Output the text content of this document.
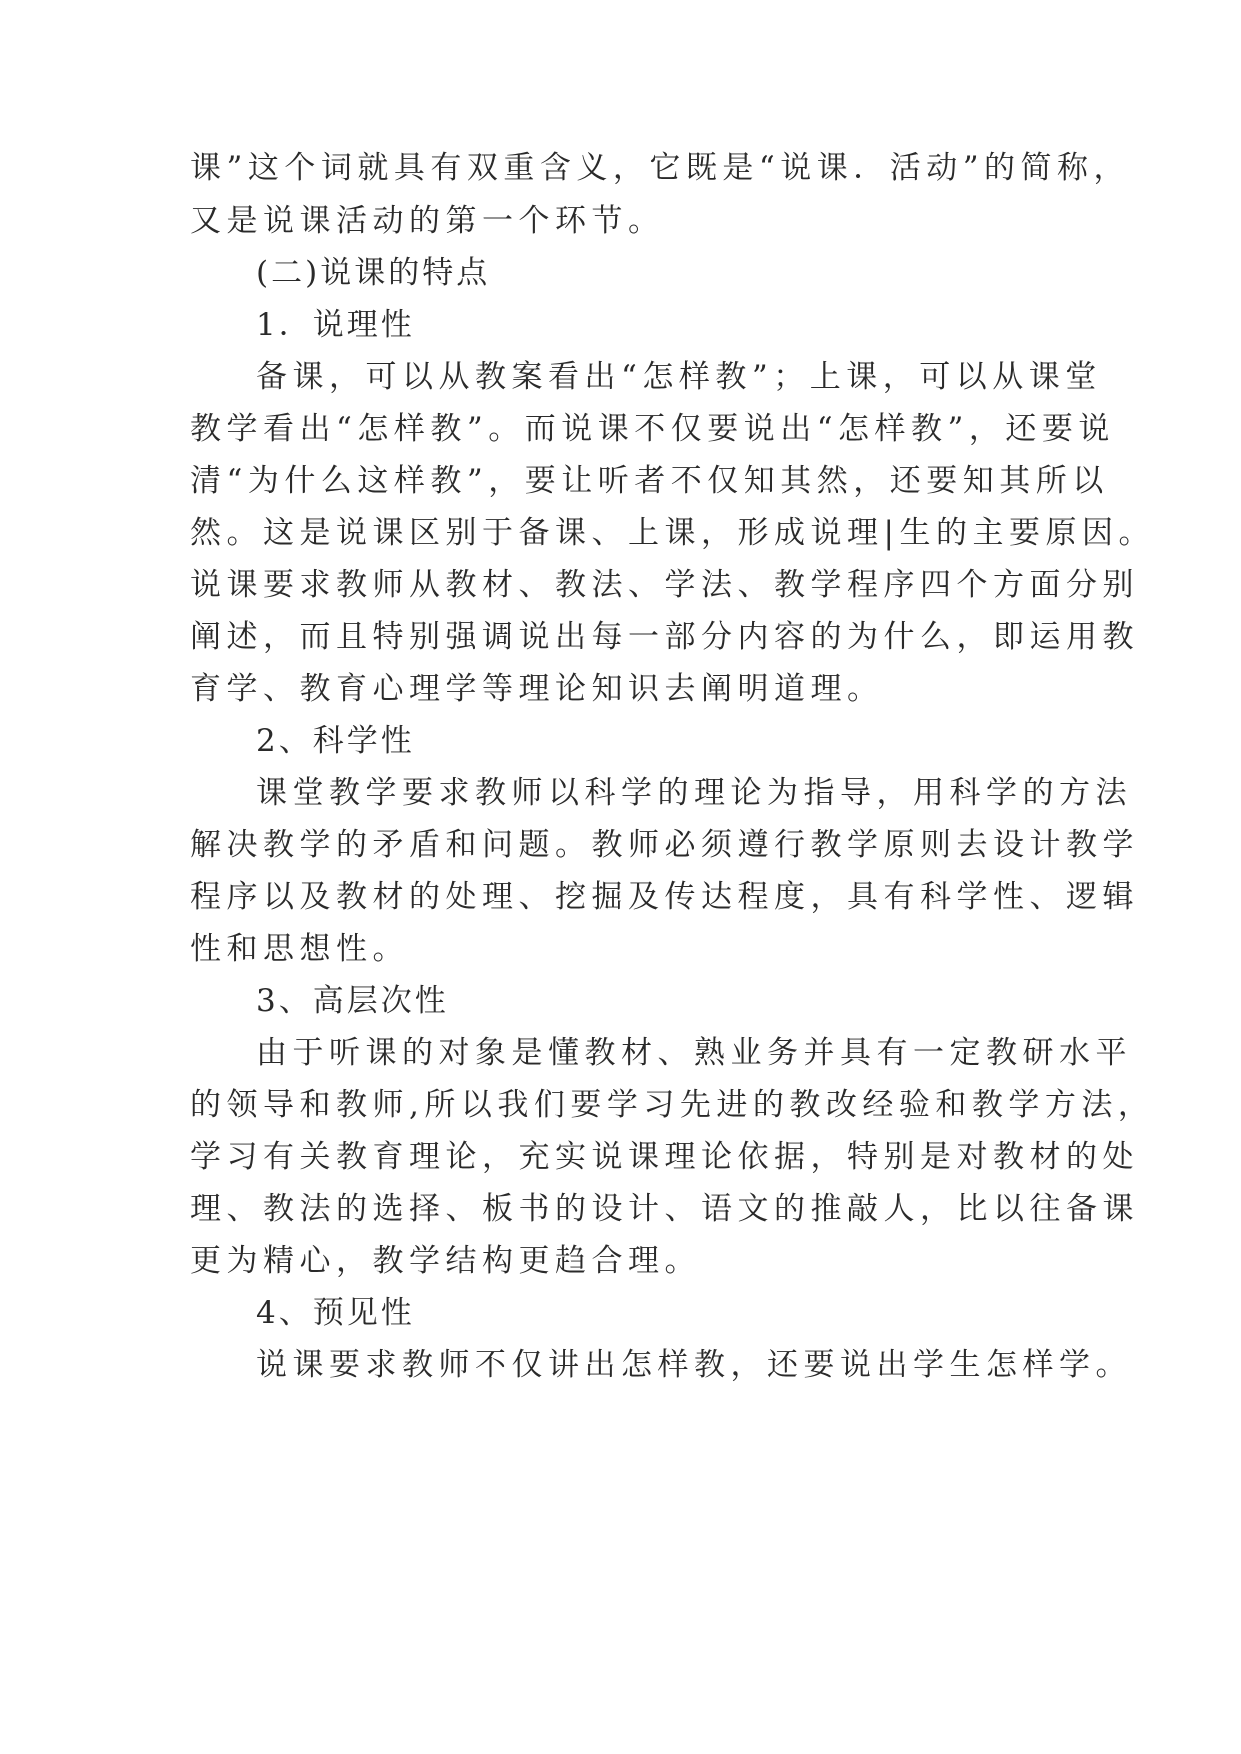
课”这个词就具有双重含义，它既是“说课．活动”的简称，

又是说课活动的第一个环节。

(二)说课的特点

1．说理性

备课，可以从教案看出“怎样教”；上课，可以从课堂

教学看出“怎样教”。而说课不仅要说出“怎样教”，还要说

清“为什么这样教”，要让听者不仅知其然，还要知其所以

然。这是说课区别于备课、上课，形成说理|生的主要原因。

说课要求教师从教材、教法、学法、教学程序四个方面分别

阐述，而且特别强调说出每一部分内容的为什么，即运用教

育学、教育心理学等理论知识去阐明道理。

2、科学性

课堂教学要求教师以科学的理论为指导，用科学的方法

解决教学的矛盾和问题。教师必须遵行教学原则去设计教学

程序以及教材的处理、挖掘及传达程度，具有科学性、逻辑

性和思想性。

3、高层次性

由于听课的对象是懂教材、熟业务并具有一定教研水平

的领导和教师,所以我们要学习先进的教改经验和教学方法，

学习有关教育理论，充实说课理论依据，特别是对教材的处

理、教法的选择、板书的设计、语文的推敲人，比以往备课

更为精心，教学结构更趋合理。

4、预见性

说课要求教师不仅讲出怎样教，还要说出学生怎样学。
